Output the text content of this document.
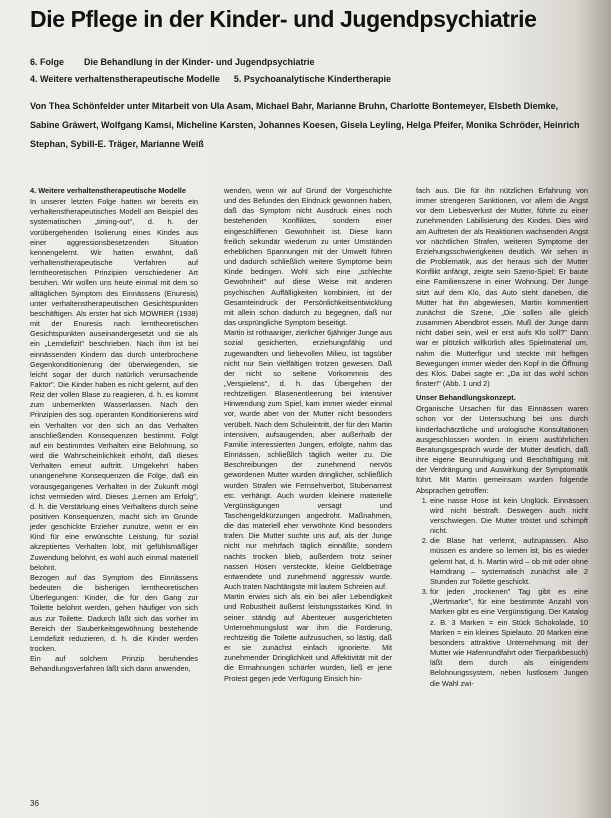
Die Pflege in der Kinder- und Jugendpsychiatrie
6. Folge Die Behandlung in der Kinder- und Jugendpsychiatrie
4. Weitere verhaltenstherapeutische Modelle 5. Psychoanalytische Kindertherapie
Von Thea Schönfelder unter Mitarbeit von Ula Asam, Michael Bahr, Marianne Bruhn, Charlotte Bontemeyer, Elsbeth Diemke, Sabine Gräwert, Wolfgang Kamsi, Micheline Karsten, Johannes Koesen, Gisela Leyling, Helga Pfeifer, Monika Schröder, Heinrich Stephan, Sybill-E. Träger, Marianne Weiß
4. Weitere verhaltenstherapeutische Modelle

In unserer letzten Folge hatten wir bereits ein verhaltenstherapeutisches Modell am Beispiel des systematischen „timing-out", d. h. der vorübergehenden Isolierung eines Kindes aus einer aggressionsbesetzenden Situation kennengelernt. Wir hatten erwähnt, daß verhaltenstherapeutische Verfahren auf lerntheoretischen Prinzipien verschiedener Art beruhen. Wir wollen uns heute einmal mit dem so alltäglichen Symptom des Einnässens (Enuresis) unter verhaltenstherapeutischen Gesichtspunkten beschäftigen. Als erster hat sich MOWRER (1938) mit der Enuresis nach lerntheoretischen Gesichtspunkten auseinandergesetzt und sie als ein „Lerndefizit" beschrieben. Nach ihm ist bei einnässenden Kindern das durch unterbrochene Gegenkonditionierung der überwiegenden, sie leicht sogar der durch natürlich verursachende Faktor". Die Kinder haben es nicht gelernt, auf den Reiz der vollen Blase zu reagieren, d. h. es kommt zum unbemerkten Wasserlassen. Nach den Prinzipien des sog. operanten Konditionierens wird ein Verhalten vor den sich an das Verhalten anschließenden Konsequenzen bestimmt. Folgt auf ein bestimmtes Verhalten eine Belohnung, so wird die Wahrscheinlichkeit erhöht, daß dieses Verhalten erneut auftritt. Umgekehrt haben unangenehme Konsequenzen die Folge, daß ein vorausgegangenes Verhalten in der Zukunft mögl ichst vermieden wird. Dieses „Lernen am Erfolg", d. h. die Verstärkung eines Verhaltens durch seine positiven Konsequenzen, macht sich im Grunde jeder geschickte Erzieher zunutze, wenn er ein Kind für eine erwünschte Leistung, für sozial akzeptiertes Verhalten lobt, mit gefühlsmäßiger Zuwendung belohnt, es wohl auch einmal materiell belohnt.

Bezogen auf das Symptom des Einnässens bedeuten die bisherigen lerntheoretischen Überlegungen: Kinder, die für den Gang zur Toilette belohnt werden, gehen häufiger von sich aus zur Toilette. Dadurch läßt sich das vorher im Bereich der Sauberkeitsgewöhnung bestehende Lerndefizit reduzieren, d. h. die Kinder werden trocken.

Ein auf solchem Prinzip beruhendes Behandlungsverfahren läßt sich dann anwenden,

wenden, wenn wir auf Grund der Vorgeschichte und des Befundes den Eindruck gewonnen haben, daß das Symptom nicht Ausdruck eines noch bestehenden Konfliktes, sondern einer eingeschliffenen Gewohnheit ist. Diese kann freilich sekundär wiederum zu unter Umständen erheblichen Spannungen mit der Umwelt führen und dadurch schließlich weitere Symptome beim Kinde bedingen. Wohl sich eine „schlechte Gewohnheit" auf diese Weise mit anderen psychischen Auffälligkeiten kombiniert, ist der Gesamteindruck der Persönlichkeitsentwicklung mit allein schon dadurch zu begegnen, daß nur das ursprüngliche Symptom beseitigt.

Martin ist rothaariger, zierlicher 6jähriger Junge aus sozial gesicherten, erziehungsfähig und zugewandten und liebevollen Milieu, ist tagsüber nicht nur Sein vielfältigen trotzen gewesen. Daß der nicht so seltene Vorkommnis des „Verspielens", d. h. das Übergehen der rechtzeitigen Blasenentleerung bei intensiver Hinwendung zum Spiel, kam immer wieder einmal vor, wurde aber von der Mutter nicht besonders verübelt. Nach dem Schuleintritt, der für den Martin intensiven, aufsaugenden, aber außerhalb der Familie interessierten Jungen, erfolgte, nahm das Einnässen, schließlich täglich weiter zu. Die Beschreibungen der zunehmend nervös gewordenen Mutter wurden dringlicher, schließlich wurden Strafen wie Fernsehverbot, Stubenarrest etc. verhängt. Auch wurden kleinere materielle Vergünstigungen versagt und Taschengeldkürzungen angedroht. Maßnahmen, die das materiell eher verwöhnte Kind besonders trafen. Die Mutter suchte uns auf, als der Junge nicht nur mehrfach täglich einnäßte, sondern nachts trocken blieb, außerdem trotz seiner nassen Hosen versteckte, kleine Geldbeträge entwendete und zunehmend aggressiv wurde. Auch traten Nachtängste mit lautem Schreien auf.

Martin erwies sich als ein bei aller Lebendigkeit und Robustheit äußerst leistungsstarkes Kind. In seiner ständig auf Abenteuer ausgerichteten Unternehmungslust war ihm die Forderung, rechtzeitig die Toilette aufzusuchen, so lästig, daß er sie zunächst einfach ignorierte. Mit zunehmender Dringlichkeit und Affektivität mit der die Ermahnungen schärfer wurden, ließ er jene Protest gegen jede Verfügung Einsich hin-

fach aus. Die für ihn nützlichen Erfahrung von immer strengeren Sanktionen, vor allem die Angst vor dem Liebesverlust der Mutter, führte zu einer zunehmenden Labilisierung des Kindes. Dies wird am Auftreten der als Reaktionen wachsenden Angst vor nächtlichen Strafen, weiteren Symptome der Erziehungsschwierigkeiten deutlich. Wir sehen in die Problematik, aus der heraus sich der Mutter Konflikt anfängt, zeigte sein Szeno-Spiel: Er baute eine Familienszene in einer Wohnung. Der Junge sitzt auf dem Klo, das Auto steht daneben, die Mutter hat ihn abgewiesen, Martin kommentiert zunächst die Szene, „Die sollen alle gleich zusammen Abendbrot essen. Muß der Junge dann nicht dabei sein, weil er erst aufs Klo soll?" Dann war er plötzlich willkürlich alles Spielmaterial um, nahm die Mutterfigur und steckte mit heftigen Bewegungen immer wieder den Kopf in die Öffnung des Klos. Dabei sagte er: „Da ist das wohl schön finster!" (Abb. 1 und 2)

Unser Behandlungskonzept.

Organische Ursachen für das Einnässen waren schon vor der Untersuchung bei uns durch kinderfachärztliche und urologische Konsultationen ausgeschlossen worden. In einem ausführlichen Beratungsgespräch wurde der Mutter deutlich, daß ihre eigene Beunruhigung und Beschäftigung mit der Verdrängung und Auswirkung der Symptomatik führt. Mit Martin gemeinsam wurden folgende Absprachen getroffen:

1. eine nasse Hose ist kein Unglück. Einnässen wird nicht bestraft. Deswegen auch nicht verschwiegen. Die Mutter tröstet und schimpft nicht.
2. die Blase hat verlernt, aufzupassen. Also müssen es andere so lernen ist, bis es wieder gelernt hat, d. h. Martin wird – ob mit oder ohne Harndrang – systematisch zunächst alle 2 Stunden zur Toilette geschickt.
3. für jeden „trockenen" Tag gibt es eine „Wertmarke", für eine bestimmte Anzahl von Marken gibt es eine Vergünstigung. Der Katalog z. B. 3 Marken = ein Stück Schokolade, 10 Marken = ein kleines Spielauto. 20 Marken eine besonders attraktive Unternehmung mit der Mutter wie Hafenrundfahrt oder Tierparkbesuch) läßt dem durch als einigendem Belohnungssystem, neben lustlosem Jungen die Wahl zwi-
36
